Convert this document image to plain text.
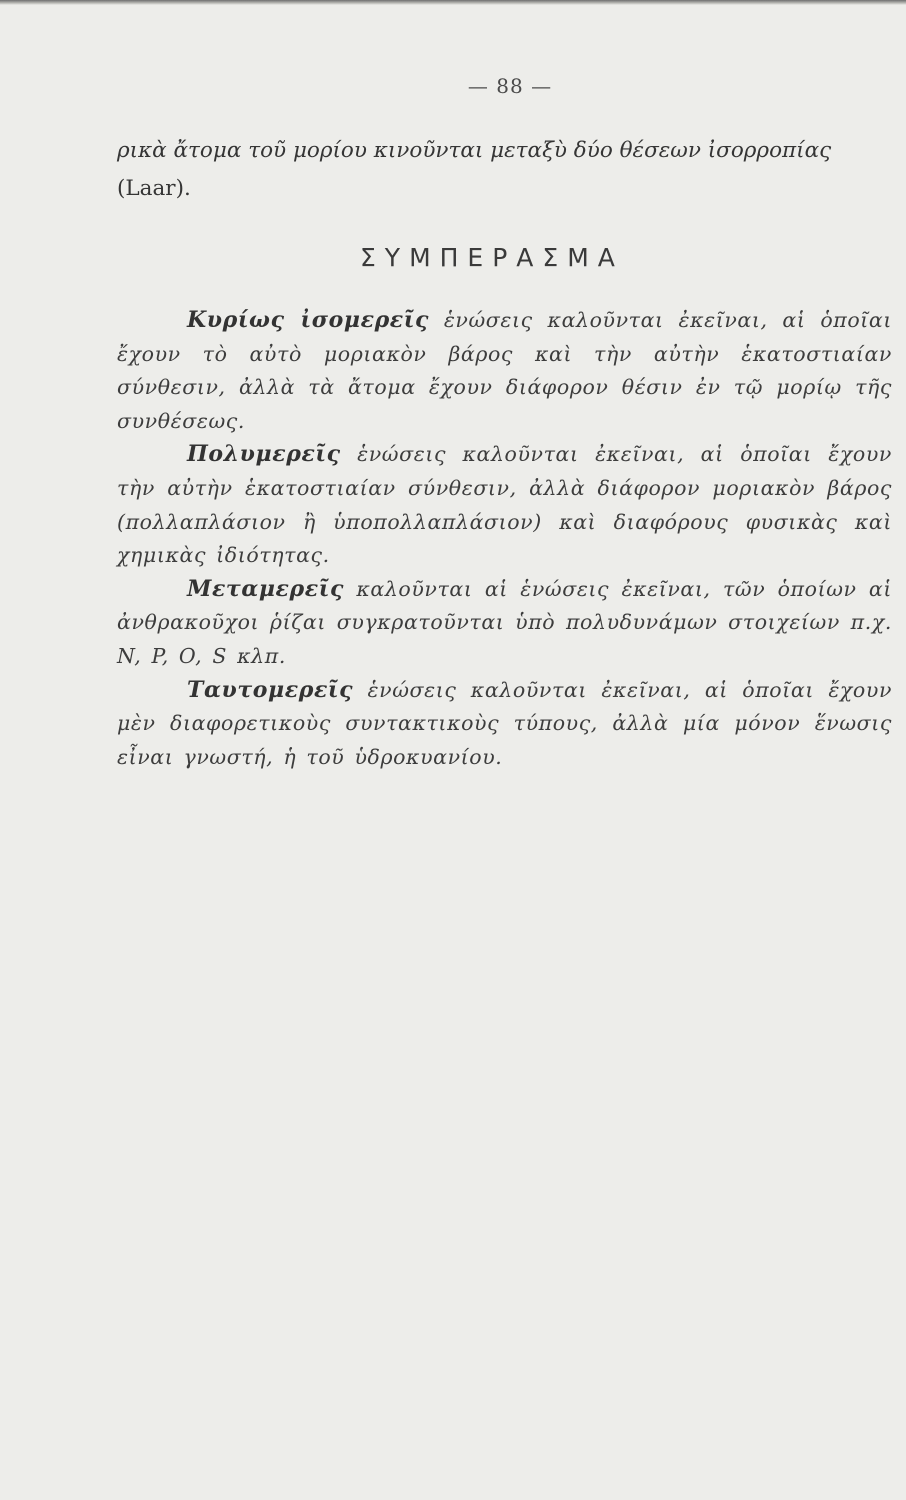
— 88 —
ρικὰ ἄτομα τοῦ μορίου κινοῦνται μεταξὺ δύο θέσεων ἰσορροπίας
(Laar).
ΣΥΜΠΕΡΑΣΜΑ

Κυρίως ἰσομερεῖς ἑνώσεις καλοῦνται ἐκεῖναι, αἱ ὁποῖαι ἔχουν τὸ αὐτὸ μοριακὸν βάρος καὶ τὴν αὐτὴν ἑκατοστιαίαν σύνθεσιν, ἀλλὰ τὰ ἄτομα ἔχουν διάφορον θέσιν ἐν τῷ μορίῳ τῆς συνθέσεως.

Πολυμερεῖς ἑνώσεις καλοῦνται ἐκεῖναι, αἱ ὁποῖαι ἔχουν τὴν αὐτὴν ἑκατοστιαίαν σύνθεσιν, ἀλλὰ διάφορον μοριακὸν βάρος (πολλαπλάσιον ἢ ὑποπολλαπλάσιον) καὶ διαφόρους φυσικὰς καὶ χημικὰς ἰδιότητας.

Μεταμερεῖς καλοῦνται αἱ ἑνώσεις ἐκεῖναι, τῶν ὁποίων αἱ ἀνθρακοῦχοι ῥίζαι συγκρατοῦνται ὑπὸ πολυδυνάμων στοιχείων π.χ. N, P, O, S κλπ.

Ταυτομερεῖς ἑνώσεις καλοῦνται ἐκεῖναι, αἱ ὁποῖαι ἔχουν μὲν διαφορετικοὺς συντακτικοὺς τύπους, ἀλλὰ μία μόνον ἕνωσις εἶναι γνωστή, ἡ τοῦ ὑδροκυανίου.
